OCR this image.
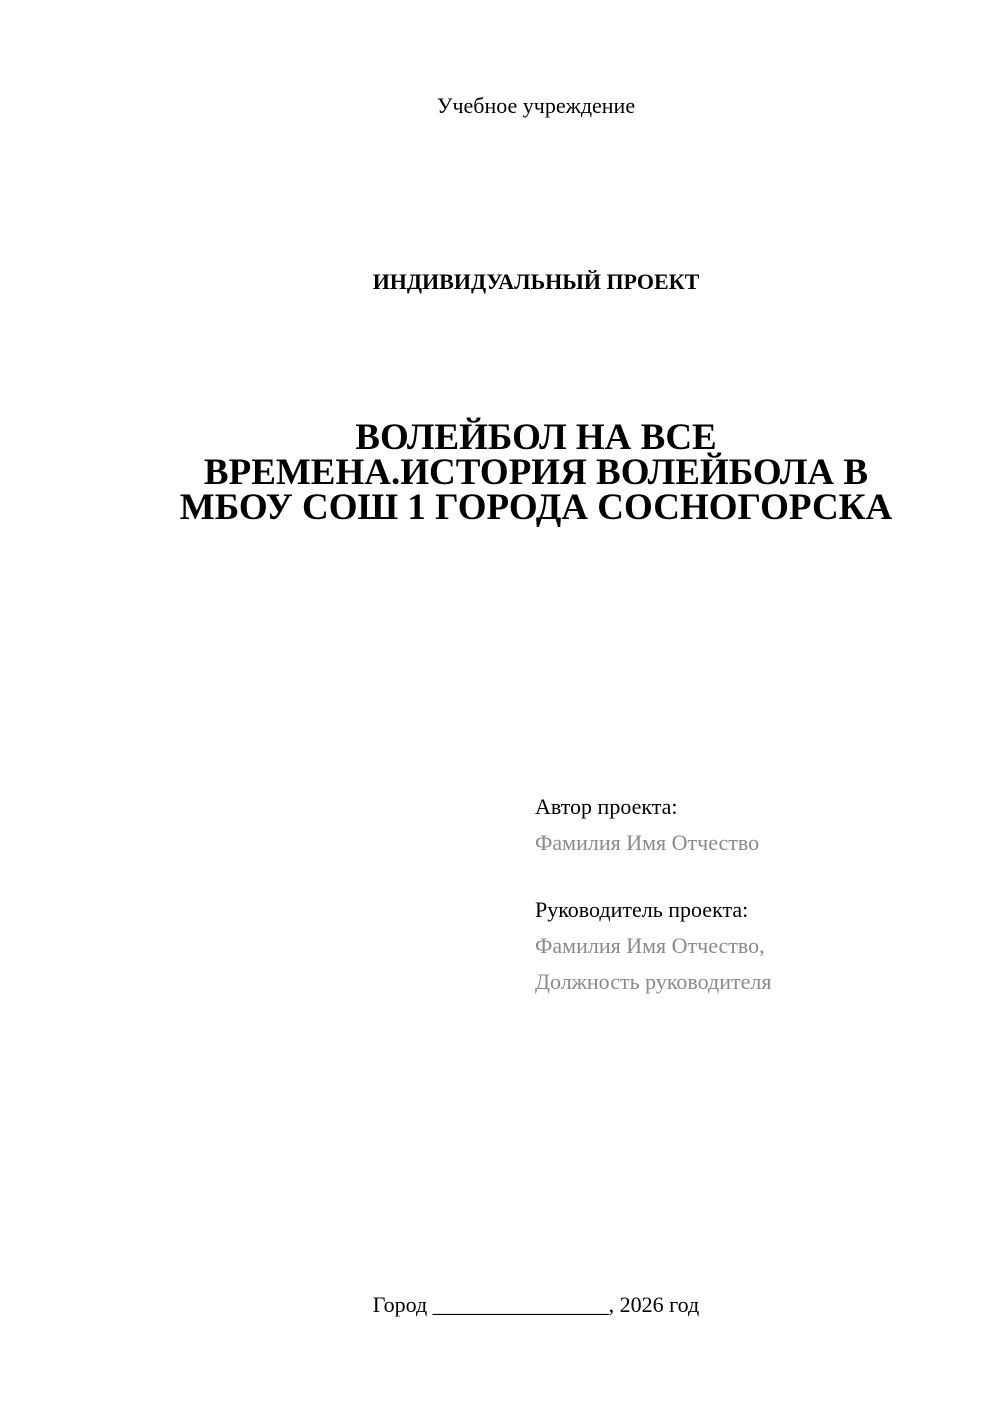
Учебное учреждение
ИНДИВИДУАЛЬНЫЙ ПРОЕКТ
ВОЛЕЙБОЛ НА ВСЕ
ВРЕМЕНА.ИСТОРИЯ ВОЛЕЙБОЛА В
МБОУ СОШ 1 ГОРОДА СОСНОГОРСКА
Автор проекта:
Фамилия Имя Отчество
Руководитель проекта:
Фамилия Имя Отчество,
Должность руководителя
Город ________________, 2026 год
